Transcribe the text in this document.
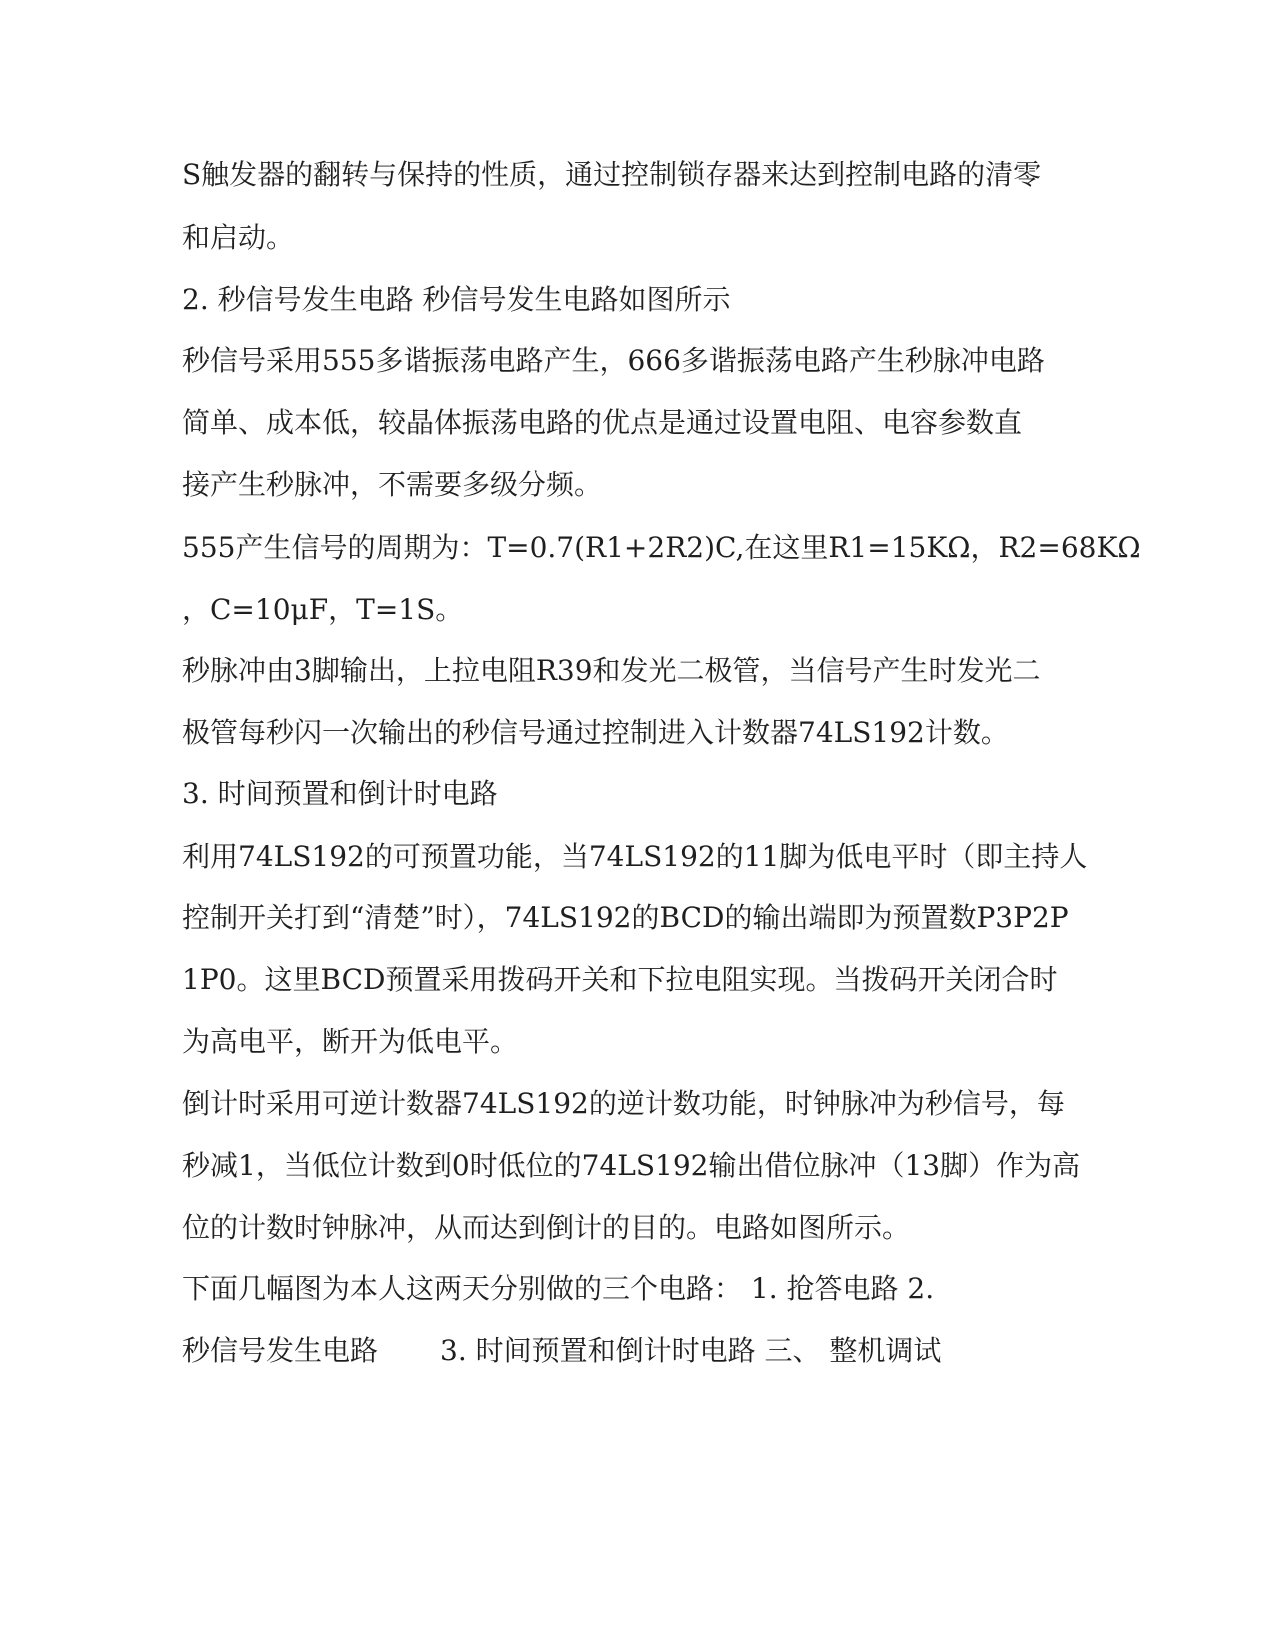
S触发器的翻转与保持的性质，通过控制锁存器来达到控制电路的清零
和启动。
2. 秒信号发生电路 秒信号发生电路如图所示
秒信号采用555多谐振荡电路产生，666多谐振荡电路产生秒脉冲电路
简单、成本低，较晶体振荡电路的优点是通过设置电阻、电容参数直
接产生秒脉冲，不需要多级分频。
555产生信号的周期为：T=0.7(R1+2R2)C,在这里R1=15KΩ，R2=68KΩ
，C=10μF，T=1S。
秒脉冲由3脚输出，上拉电阻R39和发光二极管，当信号产生时发光二
极管每秒闪一次输出的秒信号通过控制进入计数器74LS192计数。
3. 时间预置和倒计时电路
利用74LS192的可预置功能，当74LS192的11脚为低电平时（即主持人
控制开关打到“清楚”时），74LS192的BCD的输出端即为预置数P3P2P
1P0。这里BCD预置采用拨码开关和下拉电阻实现。当拨码开关闭合时
为高电平，断开为低电平。
倒计时采用可逆计数器74LS192的逆计数功能，时钟脉冲为秒信号，每
秒减1，当低位计数到0时低位的74LS192输出借位脉冲（13脚）作为高
位的计数时钟脉冲，从而达到倒计的目的。电路如图所示。
下面几幅图为本人这两天分别做的三个电路： 1. 抢答电路 2.
秒信号发生电路 3. 时间预置和倒计时电路 三、 整机调试
